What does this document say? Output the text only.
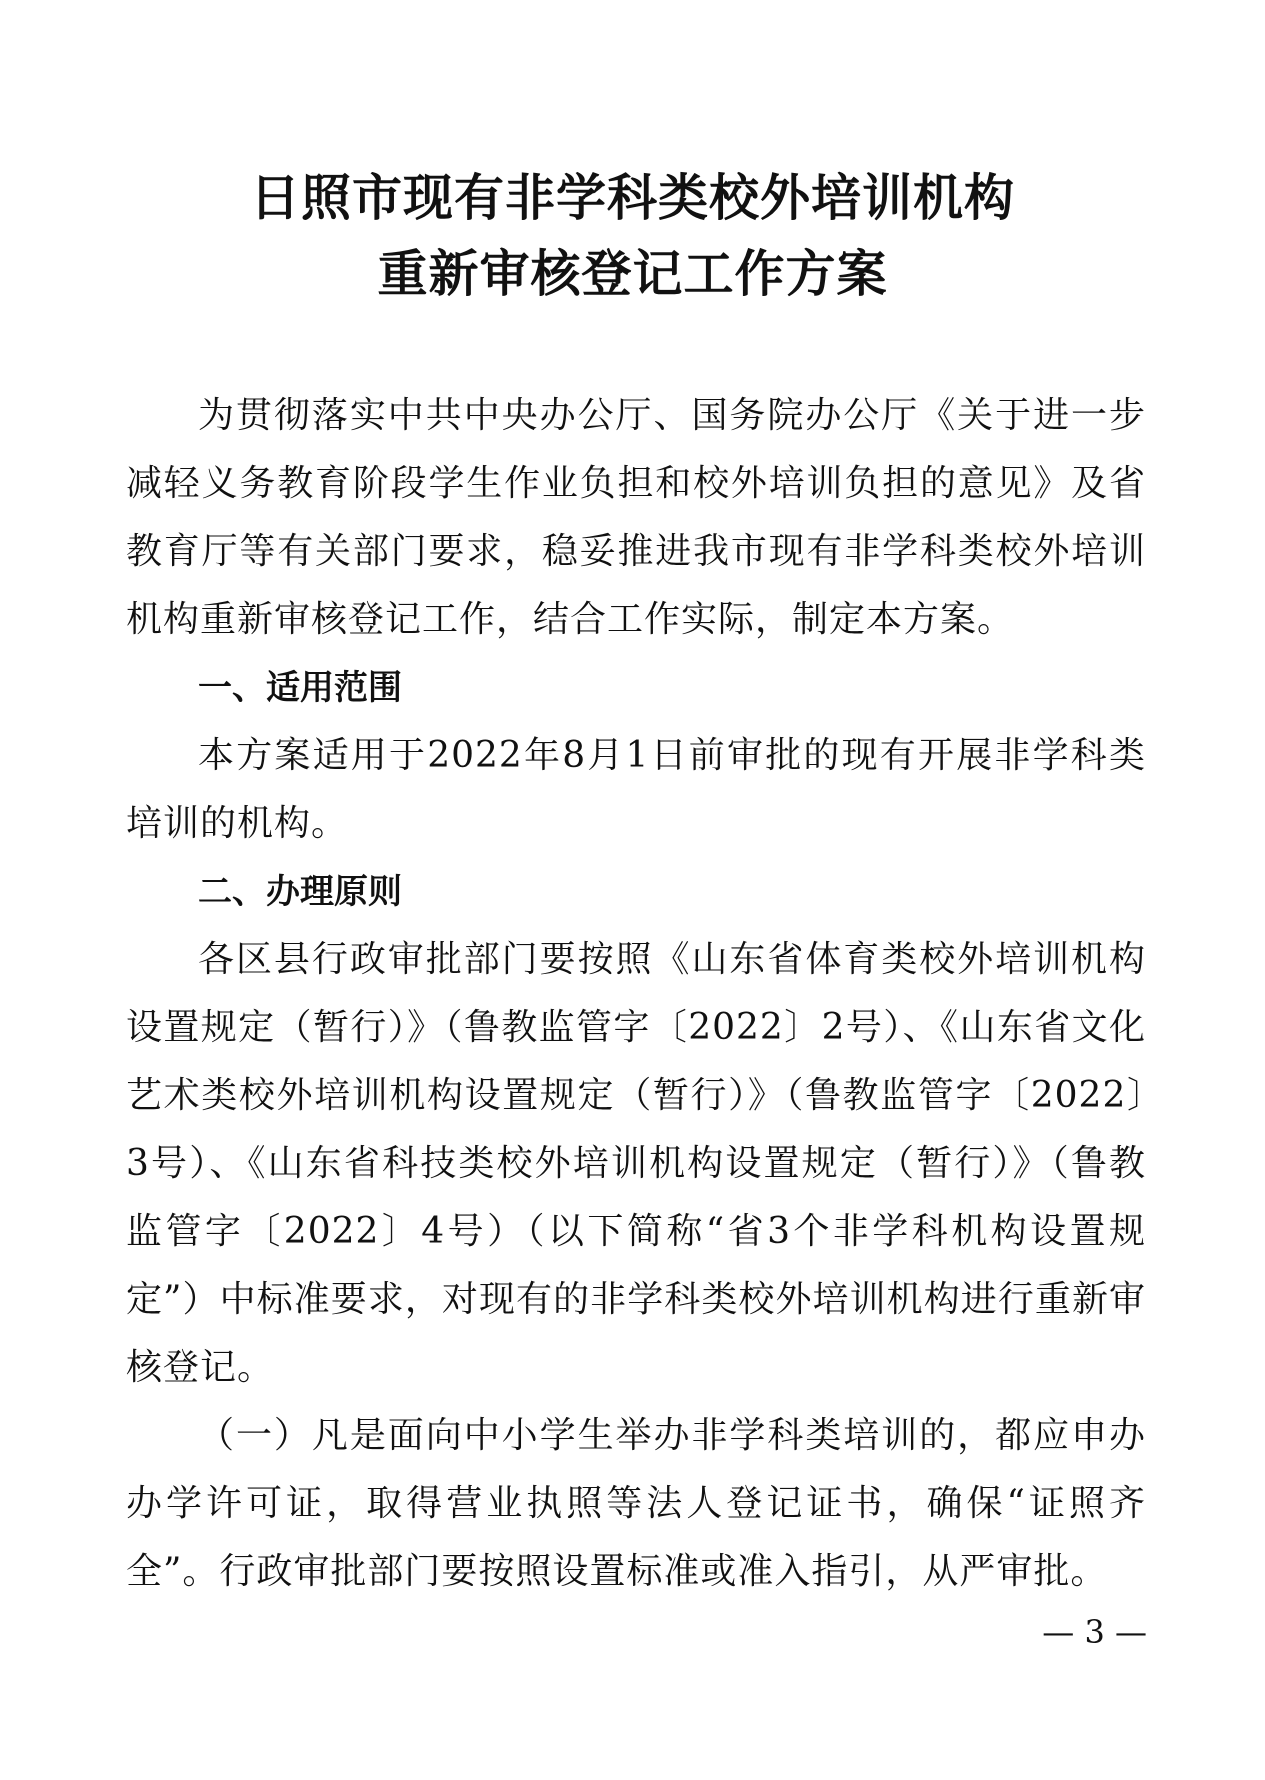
日照市现有非学科类校外培训机构
重新审核登记工作方案

为贯彻落实中共中央办公厅、国务院办公厅《关于进一步减轻义务教育阶段学生作业负担和校外培训负担的意见》及省教育厅等有关部门要求，稳妥推进我市现有非学科类校外培训机构重新审核登记工作，结合工作实际，制定本方案。

一、适用范围

本方案适用于2022年8月1日前审批的现有开展非学科类培训的机构。

二、办理原则

各区县行政审批部门要按照《山东省体育类校外培训机构设置规定（暂行）》（鲁教监管字〔2022〕2号）、《山东省文化艺术类校外培训机构设置规定（暂行）》（鲁教监管字〔2022〕3号）、《山东省科技类校外培训机构设置规定（暂行）》（鲁教监管字〔2022〕4号）（以下简称“省3个非学科机构设置规定”）中标准要求，对现有的非学科类校外培训机构进行重新审核登记。

（一）凡是面向中小学生举办非学科类培训的，都应申办办学许可证，取得营业执照等法人登记证书，确保“证照齐全”。行政审批部门要按照设置标准或准入指引，从严审批。

— 3 —
